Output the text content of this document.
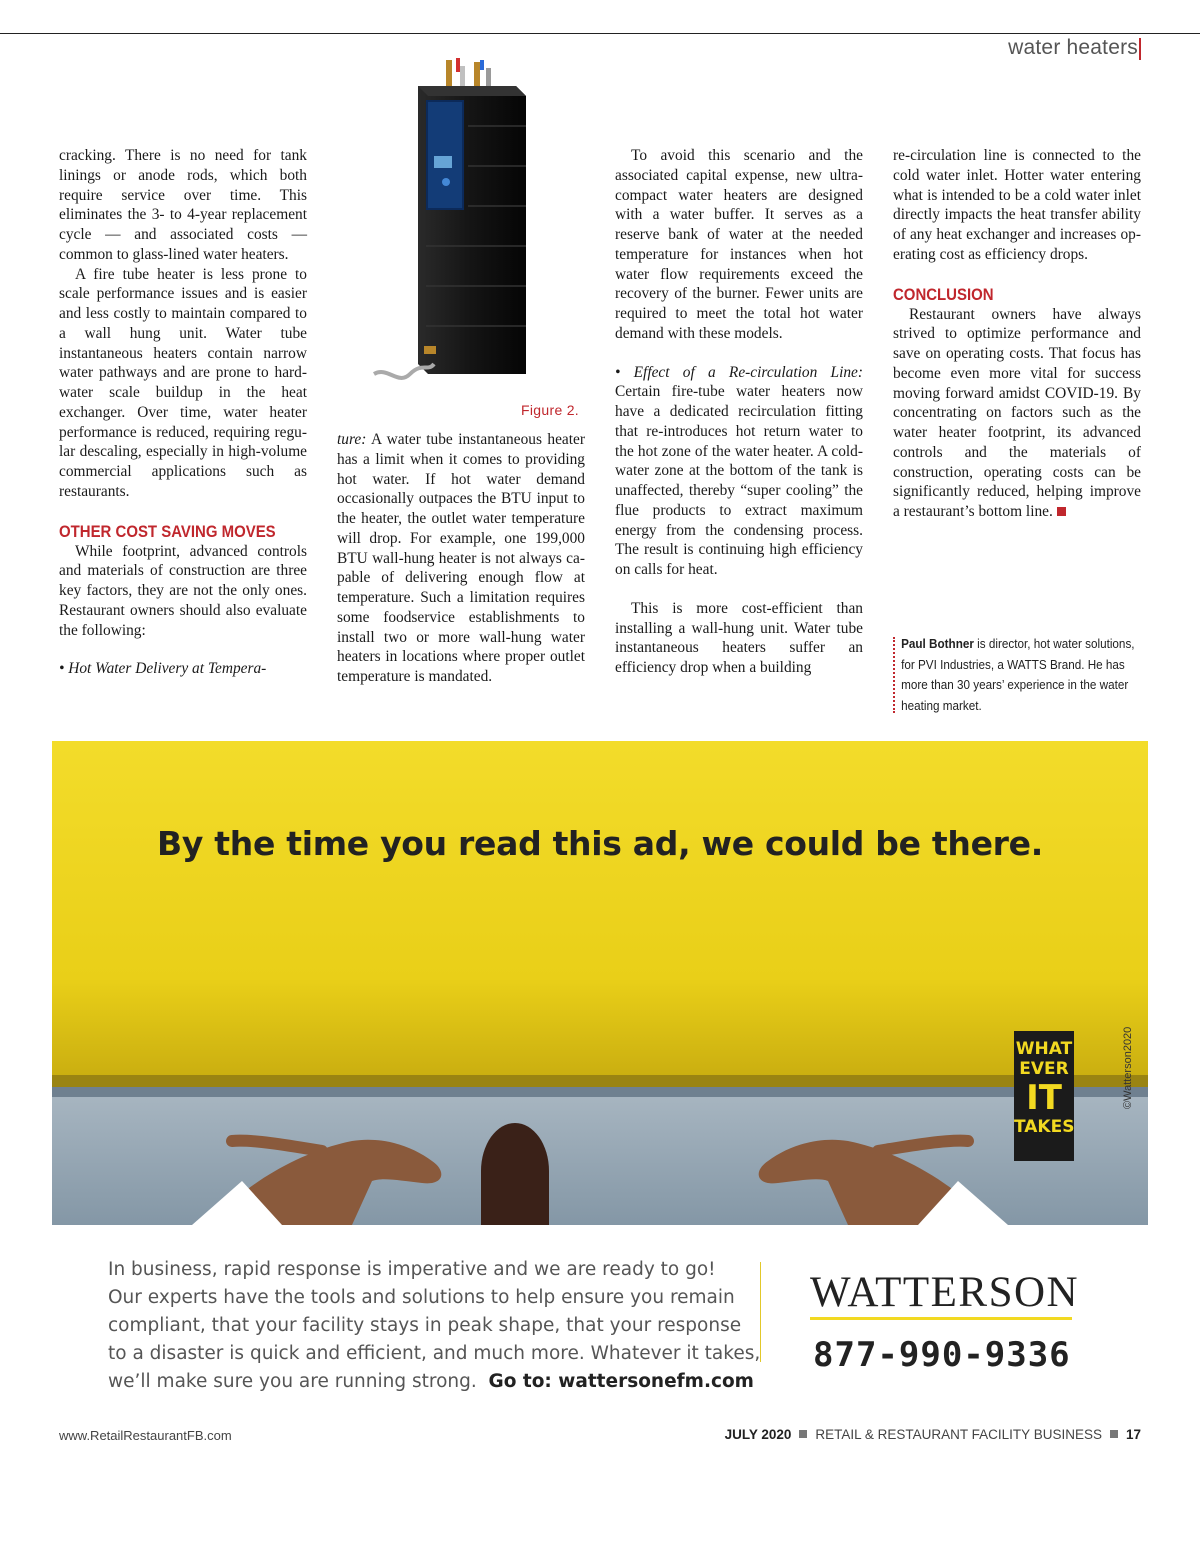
water heaters
Figure 2.

cracking. There is no need for tank linings or anode rods, which both require service over time. This eliminates the 3- to 4-year replacement cycle — and associated costs — common to glass-lined water heaters.

A fire tube heater is less prone to scale performance issues and is easier and less costly to maintain compared to a wall hung unit. Water tube instantaneous heaters contain narrow water pathways and are prone to hard-water scale buildup in the heat exchanger. Over time, water heater performance is reduced, requiring regular descaling, especially in high-volume commercial applications such as restaurants.

OTHER COST SAVING MOVES

While footprint, advanced controls and materials of construction are three key factors, they are not the only ones. Restaurant owners should also evaluate the following:

• Hot Water Delivery at Tempera-

ture: A water tube instantaneous heater has a limit when it comes to providing hot water. If hot water demand occasionally outpaces the BTU input to the heater, the outlet water temperature will drop. For example, one 199,000 BTU wall-hung heater is not always capable of delivering enough flow at temperature. Such a limitation requires some foodservice establishments to install two or more wall-hung water heaters in locations where proper outlet temperature is mandated.

To avoid this scenario and the associated capital expense, new ultra-compact water heaters are designed with a water buffer. It serves as a reserve bank of water at the needed temperature for instances when hot water flow requirements exceed the recovery of the burner. Fewer units are required to meet the total hot water demand with these models.

• Effect of a Re-circulation Line: Certain fire-tube water heaters now have a dedicated recirculation fitting that re-introduces hot return water to the hot zone of the water heater. A cold-water zone at the bottom of the tank is unaffected, thereby “super cooling” the flue products to extract maximum energy from the condensing process. The result is continuing high efficiency on calls for heat.

This is more cost-efficient than installing a wall-hung unit. Water tube instantaneous heaters suffer an efficiency drop when a building

re-circulation line is connected to the cold water inlet. Hotter water entering what is intended to be a cold water inlet directly impacts the heat transfer ability of any heat exchanger and increases operating cost as efficiency drops.

CONCLUSION

Restaurant owners have always strived to optimize performance and save on operating costs. That focus has become even more vital for success moving forward amidst COVID-19. By concentrating on factors such as the water heater footprint, its advanced controls and the materials of construction, operating costs can be significantly reduced, helping improve a restaurant’s bottom line.

Paul Bothner is director, hot water solutions, for PVI Industries, a WATTS Brand. He has more than 30 years’ experience in the water heating market.
By the time you read this ad, we could be there.
WHAT
EVER
IT
TAKES
©Watterson2020
In business, rapid response is imperative and we are ready to go!
Our experts have the tools and solutions to help ensure you remain
compliant, that your facility stays in peak shape, that your response
to a disaster is quick and efficient, and much more. Whatever it takes,
we’ll make sure you are running strong. Go to: wattersonefm.com
WATTERSON
877-990-9336
www.RetailRestaurantFB.com	JULY 2020 RETAIL & RESTAURANT FACILITY BUSINESS 17
